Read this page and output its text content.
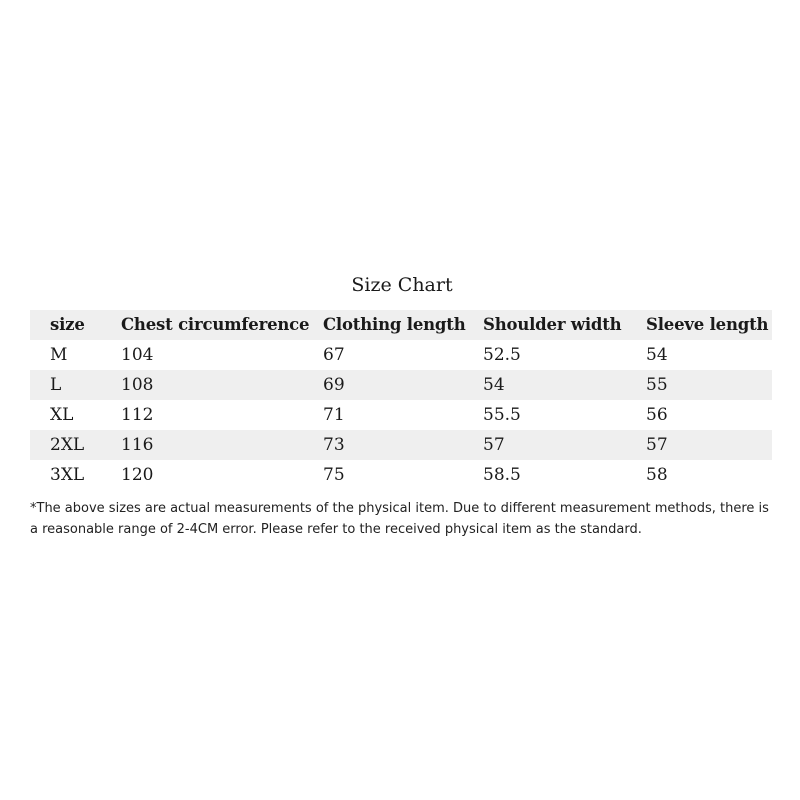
Size Chart
size	Chest circumference	Clothing length	Shoulder width	Sleeve length
M	104	67	52.5	54
L	108	69	54	55
XL	112	71	55.5	56
2XL	116	73	57	57
3XL	120	75	58.5	58

*The above sizes are actual measurements of the physical item. Due to different measurement methods, there is a reasonable range of 2-4CM error. Please refer to the received physical item as the standard.
